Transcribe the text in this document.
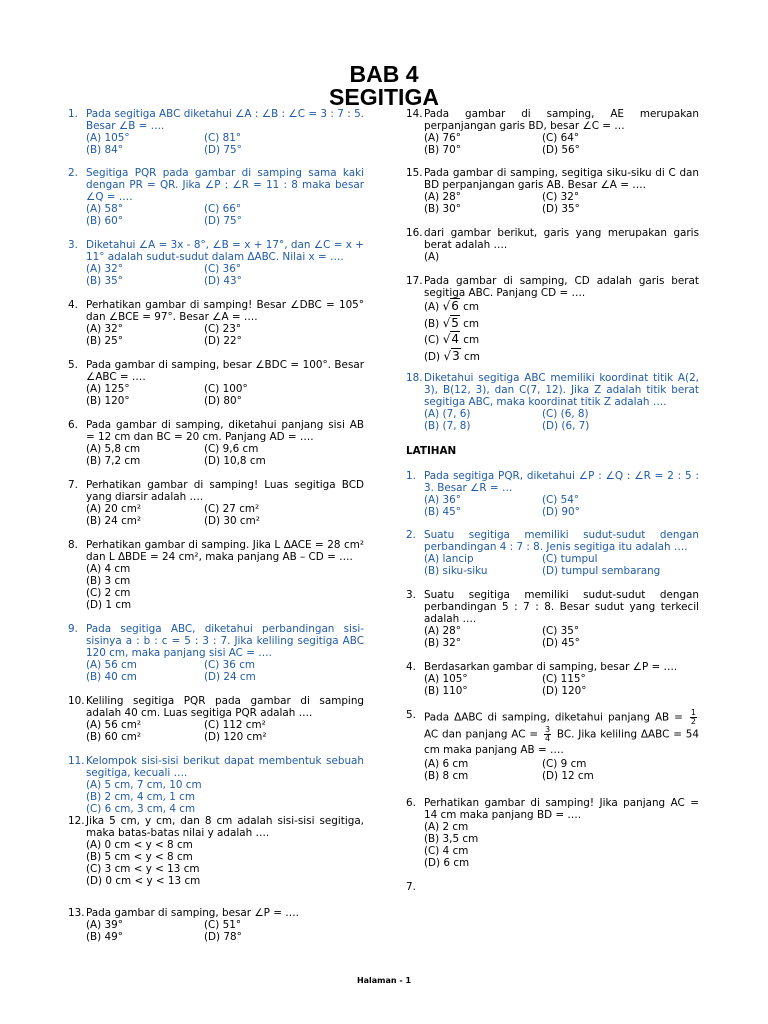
BAB 4
SEGITIGA
1. Pada segitiga ABC diketahui ∠A : ∠B : ∠C = 3 : 7 : 5. Besar ∠B = ….
(A) 105°	(C) 81°
(B) 84°	(D) 75°
2. Segitiga PQR pada gambar di samping sama kaki dengan PR = QR. Jika ∠P : ∠R = 11 : 8 maka besar ∠Q = ….
(A) 58°	(C) 66°
(B) 60°	(D) 75°
3. Diketahui ∠A = 3x - 8°, ∠B = x + 17°, dan ∠C = x + 11° adalah sudut-sudut dalam ΔABC. Nilai x = ….
(A) 32°	(C) 36°
(B) 35°	(D) 43°
4. Perhatikan gambar di samping! Besar ∠DBC = 105° dan ∠BCE = 97°. Besar ∠A = ….
(A) 32°	(C) 23°
(B) 25°	(D) 22°
5. Pada gambar di samping, besar ∠BDC = 100°. Besar ∠ABC = ….
(A) 125°	(C) 100°
(B) 120°	(D) 80°
6. Pada gambar di samping, diketahui panjang sisi AB = 12 cm dan BC = 20 cm. Panjang AD = ….
(A) 5,8 cm	(C) 9,6 cm
(B) 7,2 cm	(D) 10,8 cm
7. Perhatikan gambar di samping! Luas segitiga BCD yang diarsir adalah ….
(A) 20 cm²	(C) 27 cm²
(B) 24 cm²	(D) 30 cm²
8. Perhatikan gambar di samping. Jika L ΔACE = 28 cm² dan L ΔBDE = 24 cm², maka panjang AB – CD = ….
(A) 4 cm
(B) 3 cm
(C) 2 cm
(D) 1 cm
9. Pada segitiga ABC, diketahui perbandingan sisi-sisinya a : b : c = 5 : 3 : 7. Jika keliling segitiga ABC 120 cm, maka panjang sisi AC = ….
(A) 56 cm	(C) 36 cm
(B) 40 cm	(D) 24 cm
10. Keliling segitiga PQR pada gambar di samping adalah 40 cm. Luas segitiga PQR adalah ….
(A) 56 cm²	(C) 112 cm²
(B) 60 cm²	(D) 120 cm²
11. Kelompok sisi-sisi berikut dapat membentuk sebuah segitiga, kecuali ….
(A) 5 cm, 7 cm, 10 cm
(B) 2 cm, 4 cm, 1 cm
(C) 6 cm, 3 cm, 4 cm
12. Jika 5 cm, y cm, dan 8 cm adalah sisi-sisi segitiga, maka batas-batas nilai y adalah ….
(A) 0 cm < y < 8 cm
(B) 5 cm < y < 8 cm
(C) 3 cm < y < 13 cm
(D) 0 cm < y < 13 cm
13. Pada gambar di samping, besar ∠P = ….
(A) 39°	(C) 51°
(B) 49°	(D) 78°
14. Pada gambar di samping, AE merupakan perpanjangan garis BD, besar ∠C = …
(A) 76°	(C) 64°
(B) 70°	(D) 56°
15. Pada gambar di samping, segitiga siku-siku di C dan BD perpanjangan garis AB. Besar ∠A = ….
(A) 28°	(C) 32°
(B) 30°	(D) 35°
16. dari gambar berikut, garis yang merupakan garis berat adalah ….
(A)
17. Pada gambar di samping, CD adalah garis berat segitiga ABC. Panjang CD = ….
(A) √6 cm
(B) √5 cm
(C) √4 cm
(D) √3 cm
18. Diketahui segitiga ABC memiliki koordinat titik A(2, 3), B(12, 3), dan C(7, 12). Jika Z adalah titik berat segitiga ABC, maka koordinat titik Z adalah ….
(A) (7, 6)	(C) (6, 8)
(B) (7, 8)	(D) (6, 7)
LATIHAN
1. Pada segitiga PQR, diketahui ∠P : ∠Q : ∠R = 2 : 5 : 3. Besar ∠R = …
(A) 36°	(C) 54°
(B) 45°	(D) 90°
2. Suatu segitiga memiliki sudut-sudut dengan perbandingan 4 : 7 : 8. Jenis segitiga itu adalah ….
(A) lancip	(C) tumpul
(B) siku-siku	(D) tumpul sembarang
3. Suatu segitiga memiliki sudut-sudut dengan perbandingan 5 : 7 : 8. Besar sudut yang terkecil adalah ….
(A) 28°	(C) 35°
(B) 32°	(D) 45°
4. Berdasarkan gambar di samping, besar ∠P = ….
(A) 105°	(C) 115°
(B) 110°	(D) 120°
5. Pada ΔABC di samping, diketahui panjang AB = $\frac{1}{2}$
AC dan panjang AC = $\frac{3}{4}$ BC. Jika keliling ΔABC = 54 cm maka panjang AB = ….
(A) 6 cm	(C) 9 cm
(B) 8 cm	(D) 12 cm
6. Perhatikan gambar di samping! Jika panjang AC = 14 cm maka panjang BD = ….
(A) 2 cm
(B) 3,5 cm
(C) 4 cm
(D) 6 cm
7.
Halaman - 1
